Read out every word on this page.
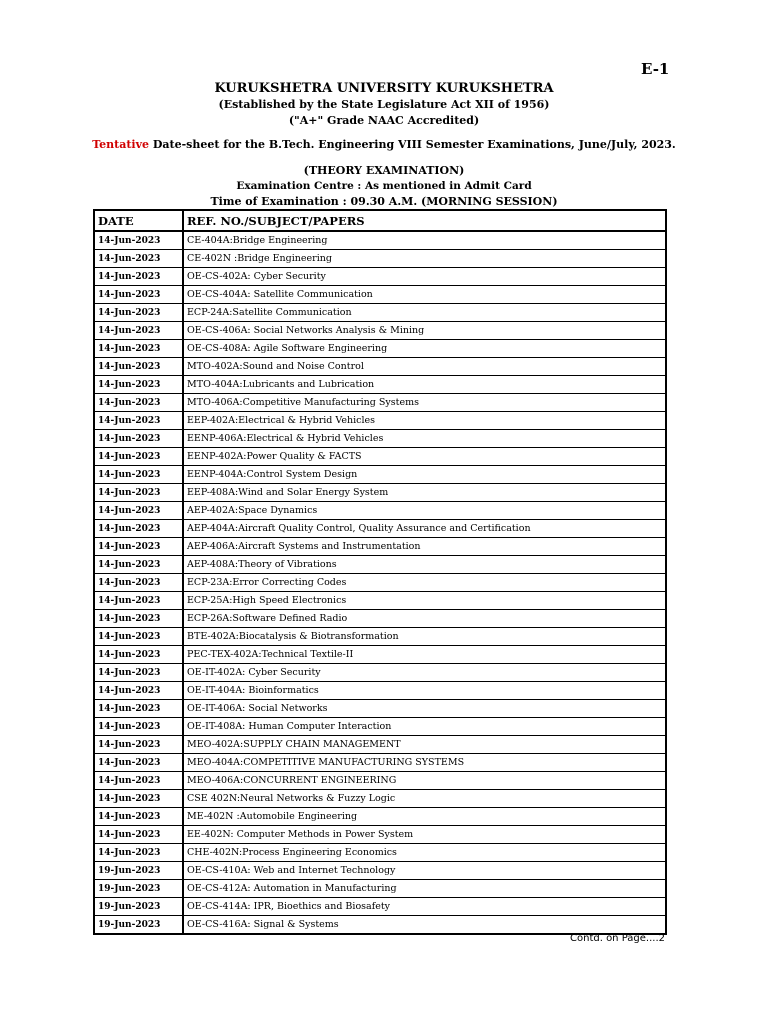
E-1
KURUKSHETRA UNIVERSITY KURUKSHETRA
(Established by the State Legislature Act XII of 1956)
("A+" Grade NAAC Accredited)
Tentative Date-sheet for the B.Tech. Engineering VIII Semester Examinations, June/July, 2023.
(THEORY EXAMINATION)
Examination Centre : As mentioned in Admit Card
Time of Examination : 09.30 A.M. (MORNING SESSION)
DATE	REF. NO./SUBJECT/PAPERS
14-Jun-2023	CE-404A:Bridge Engineering
14-Jun-2023	CE-402N :Bridge Engineering
14-Jun-2023	OE-CS-402A: Cyber Security
14-Jun-2023	OE-CS-404A: Satellite Communication
14-Jun-2023	ECP-24A:Satellite Communication
14-Jun-2023	OE-CS-406A: Social Networks Analysis & Mining
14-Jun-2023	OE-CS-408A: Agile Software Engineering
14-Jun-2023	MTO-402A:Sound and Noise Control
14-Jun-2023	MTO-404A:Lubricants and Lubrication
14-Jun-2023	MTO-406A:Competitive Manufacturing Systems
14-Jun-2023	EEP-402A:Electrical & Hybrid Vehicles
14-Jun-2023	EENP-406A:Electrical & Hybrid Vehicles
14-Jun-2023	EENP-402A:Power Quality & FACTS
14-Jun-2023	EENP-404A:Control System Design
14-Jun-2023	EEP-408A:Wind and Solar Energy System
14-Jun-2023	AEP-402A:Space Dynamics
14-Jun-2023	AEP-404A:Aircraft Quality Control, Quality Assurance and Certification
14-Jun-2023	AEP-406A:Aircraft Systems and Instrumentation
14-Jun-2023	AEP-408A:Theory of Vibrations
14-Jun-2023	ECP-23A:Error Correcting Codes
14-Jun-2023	ECP-25A:High Speed Electronics
14-Jun-2023	ECP-26A:Software Defined Radio
14-Jun-2023	BTE-402A:Biocatalysis & Biotransformation
14-Jun-2023	PEC-TEX-402A:Technical Textile-II
14-Jun-2023	OE-IT-402A: Cyber Security
14-Jun-2023	OE-IT-404A: Bioinformatics
14-Jun-2023	OE-IT-406A: Social Networks
14-Jun-2023	OE-IT-408A: Human Computer Interaction
14-Jun-2023	MEO-402A:SUPPLY CHAIN MANAGEMENT
14-Jun-2023	MEO-404A:COMPETITIVE MANUFACTURING SYSTEMS
14-Jun-2023	MEO-406A:CONCURRENT ENGINEERING
14-Jun-2023	CSE 402N:Neural Networks & Fuzzy Logic
14-Jun-2023	ME-402N :Automobile Engineering
14-Jun-2023	EE-402N: Computer Methods in Power System
14-Jun-2023	CHE-402N:Process Engineering Economics
19-Jun-2023	OE-CS-410A: Web and Internet Technology
19-Jun-2023	OE-CS-412A: Automation in Manufacturing
19-Jun-2023	OE-CS-414A: IPR, Bioethics and Biosafety
19-Jun-2023	OE-CS-416A: Signal & Systems
Contd. on Page....2
